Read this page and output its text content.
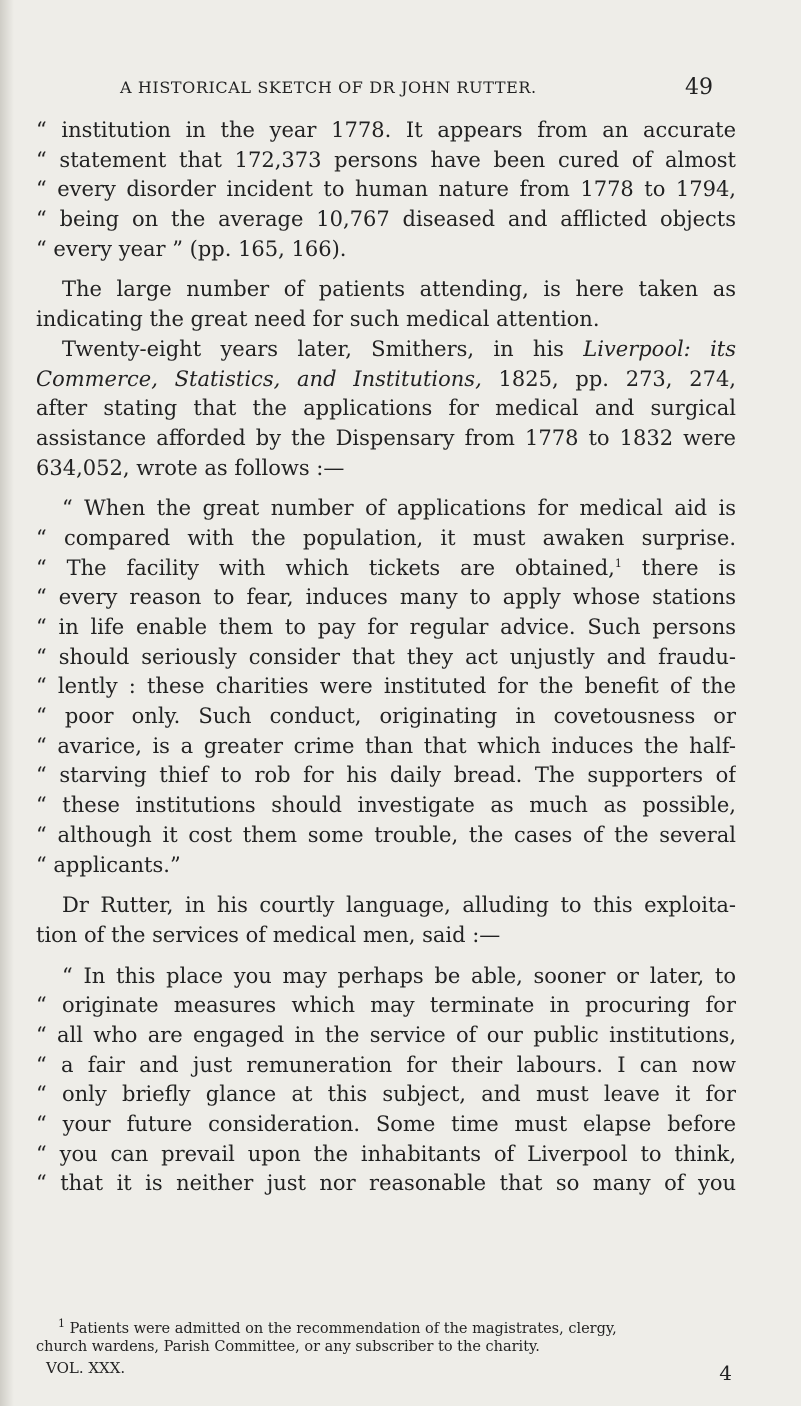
A HISTORICAL SKETCH OF DR JOHN RUTTER.	49
“ institution in the year 1778. It appears from an accurate
“ statement that 172,373 persons have been cured of almost
“ every disorder incident to human nature from 1778 to 1794,
“ being on the average 10,767 diseased and afflicted objects
“ every year ” (pp. 165, 166).
The large number of patients attending, is here taken as
indicating the great need for such medical attention.
Twenty-eight years later, Smithers, in his Liverpool: its
Commerce, Statistics, and Institutions, 1825, pp. 273, 274,
after stating that the applications for medical and surgical
assistance afforded by the Dispensary from 1778 to 1832 were
634,052, wrote as follows :—
“ When the great number of applications for medical aid is
“ compared with the population, it must awaken surprise.
“ The facility with which tickets are obtained,$^1$ there is
“ every reason to fear, induces many to apply whose stations
“ in life enable them to pay for regular advice. Such persons
“ should seriously consider that they act unjustly and fraudu-
“ lently : these charities were instituted for the benefit of the
“ poor only. Such conduct, originating in covetousness or
“ avarice, is a greater crime than that which induces the half-
“ starving thief to rob for his daily bread. The supporters of
“ these institutions should investigate as much as possible,
“ although it cost them some trouble, the cases of the several
“ applicants.”
Dr Rutter, in his courtly language, alluding to this exploita-
tion of the services of medical men, said :—
“ In this place you may perhaps be able, sooner or later, to
“ originate measures which may terminate in procuring for
“ all who are engaged in the service of our public institutions,
“ a fair and just remuneration for their labours. I can now
“ only briefly glance at this subject, and must leave it for
“ your future consideration. Some time must elapse before
“ you can prevail upon the inhabitants of Liverpool to think,
“ that it is neither just nor reasonable that so many of you
$^1$ Patients were admitted on the recommendation of the magistrates, clergy,
church wardens, Parish Committee, or any subscriber to the charity.
VOL. XXX.	4
